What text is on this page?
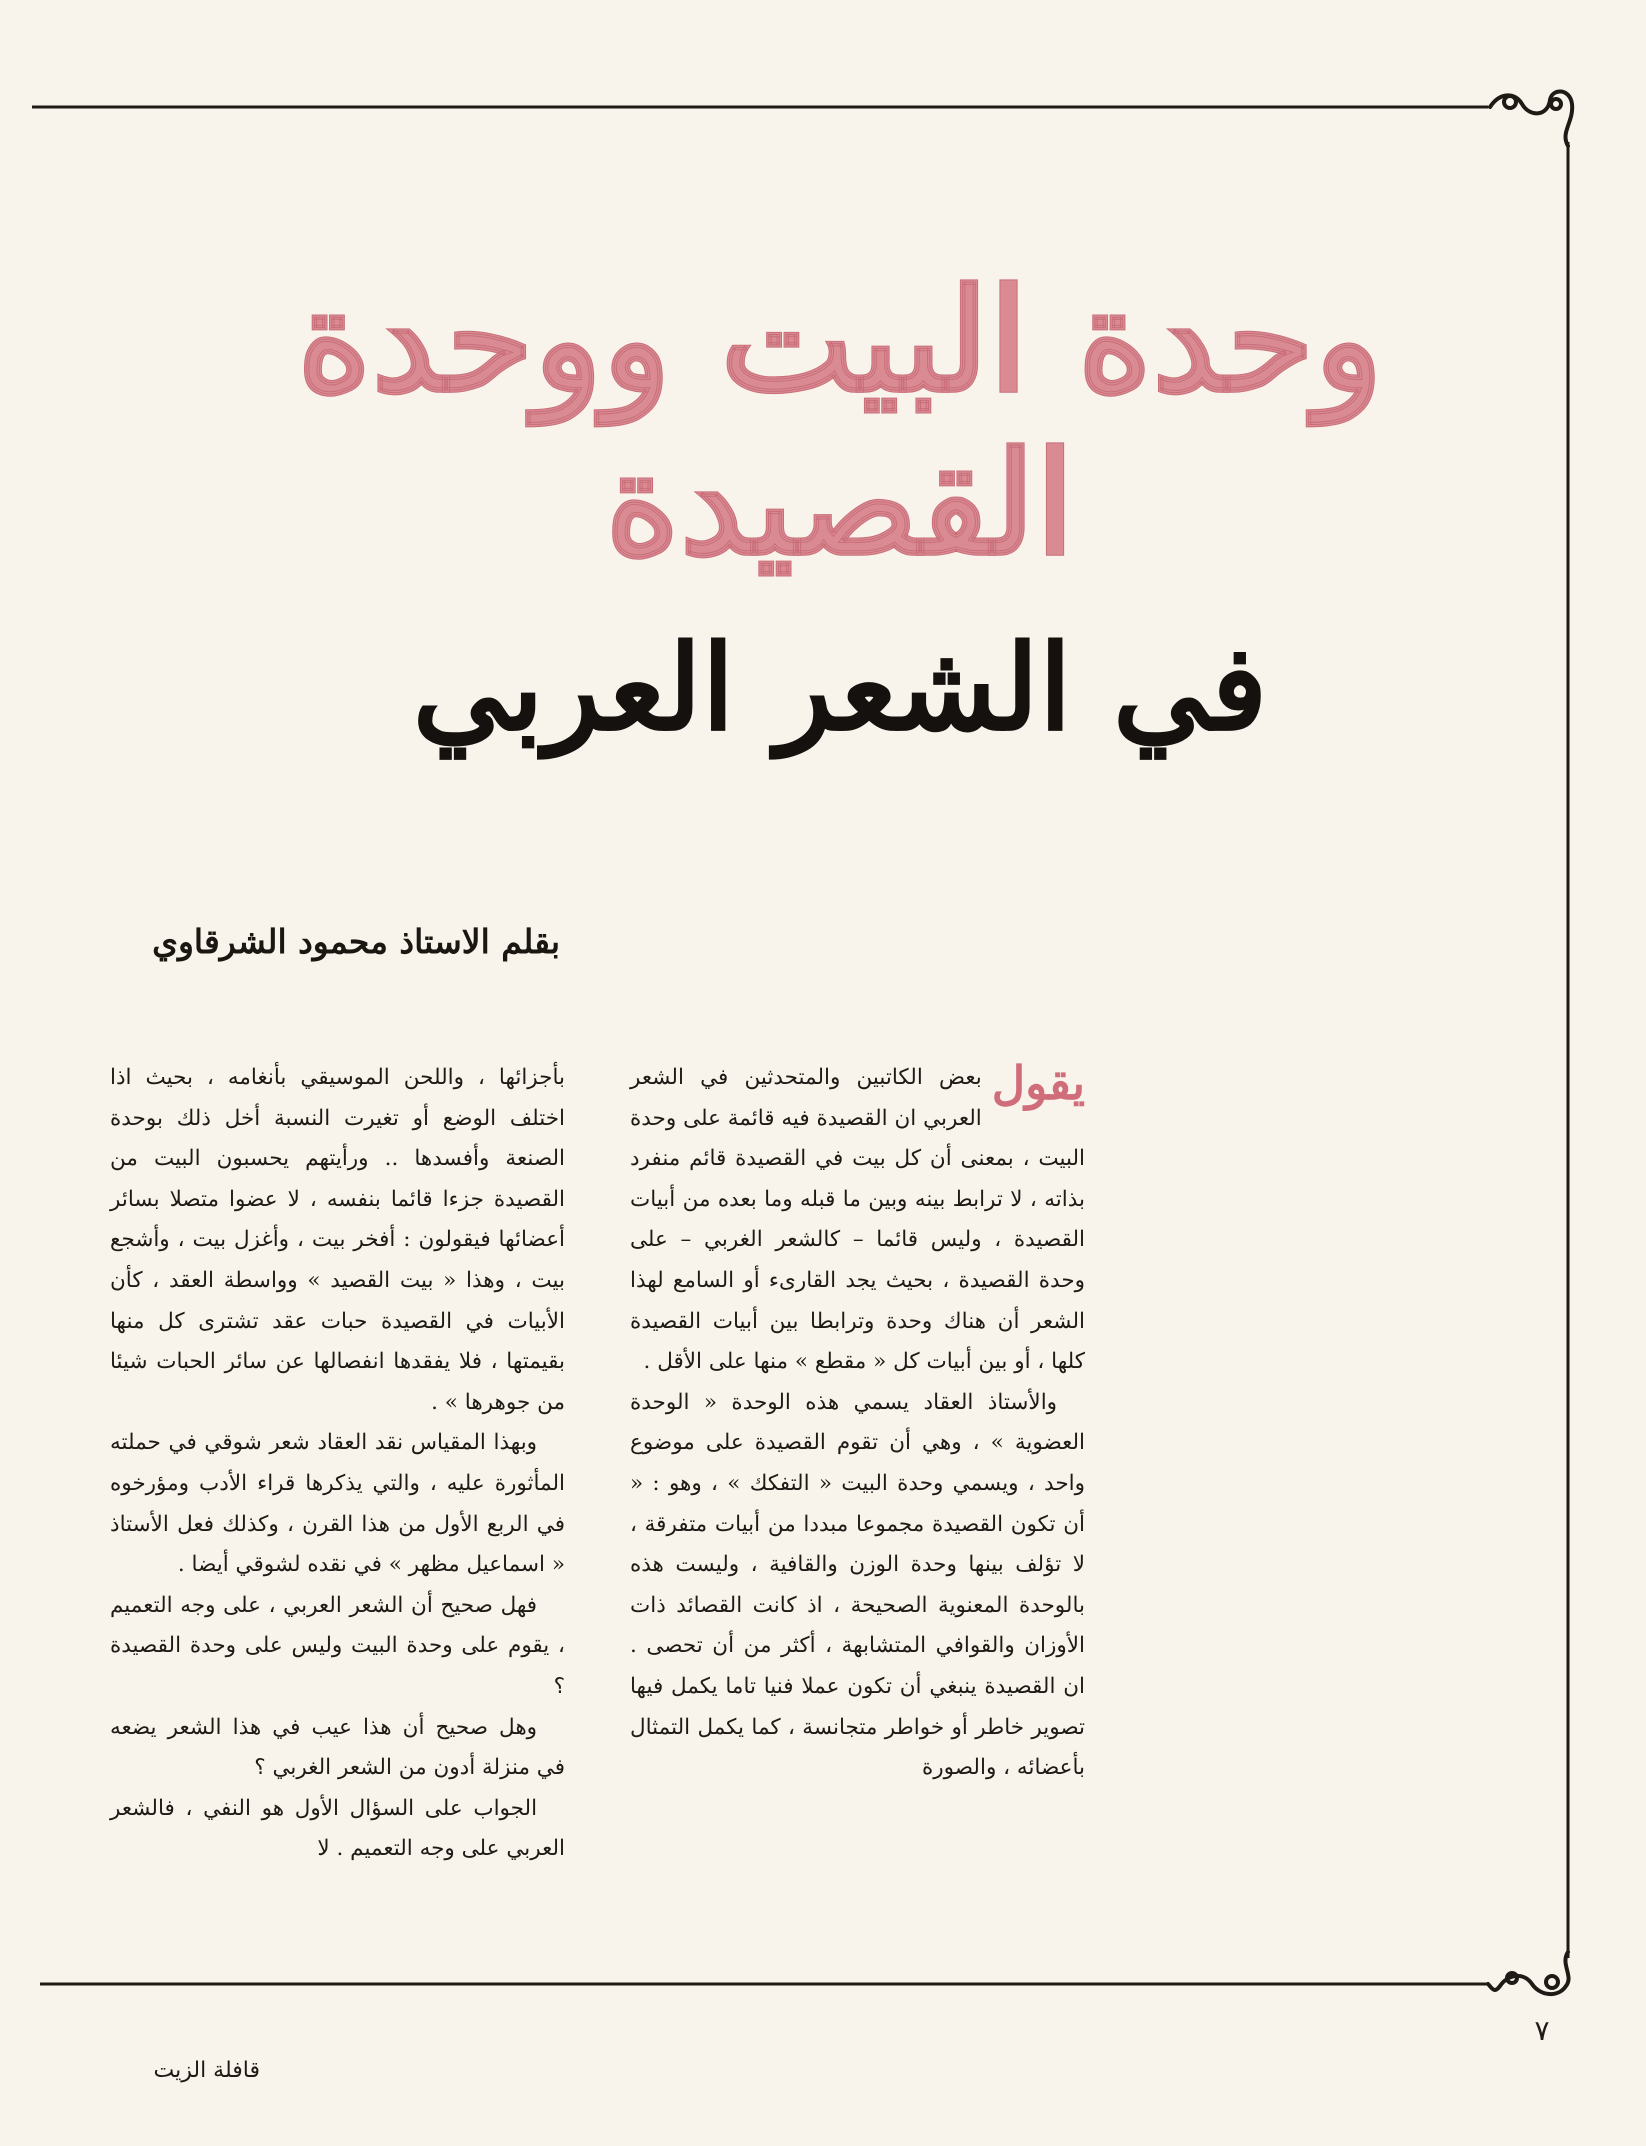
وحدة البيت ووحدة القصيدة
في الشعر العربي
بقلم الاستاذ محمود الشرقاوي

يقول
بعض الكاتبين والمتحدثين في الشعر العربي ان القصيدة فيه قائمة على وحدة البيت ، بمعنى أن كل بيت في القصيدة قائم منفرد بذاته ، لا ترابط بينه وبين ما قبله وما بعده من أبيات القصيدة ، وليس قائما – كالشعر الغربي – على وحدة القصيدة ، بحيث يجد القارىء أو السامع لهذا الشعر أن هناك وحدة وترابطا بين أبيات القصيدة كلها ، أو بين أبيات كل « مقطع » منها على الأقل .

والأستاذ العقاد يسمي هذه الوحدة « الوحدة العضوية » ، وهي أن تقوم القصيدة على موضوع واحد ، ويسمي وحدة البيت « التفكك » ، وهو : « أن تكون القصيدة مجموعا مبددا من أبيات متفرقة ، لا تؤلف بينها وحدة الوزن والقافية ، وليست هذه بالوحدة المعنوية الصحيحة ، اذ كانت القصائد ذات الأوزان والقوافي المتشابهة ، أكثر من أن تحصى . ان القصيدة ينبغي أن تكون عملا فنيا تاما يكمل فيها تصوير خاطر أو خواطر متجانسة ، كما يكمل التمثال بأعضائه ، والصورة

بأجزائها ، واللحن الموسيقي بأنغامه ، بحيث اذا اختلف الوضع أو تغيرت النسبة أخل ذلك بوحدة الصنعة وأفسدها .. ورأيتهم يحسبون البيت من القصيدة جزءا قائما بنفسه ، لا عضوا متصلا بسائر أعضائها فيقولون : أفخر بيت ، وأغزل بيت ، وأشجع بيت ، وهذا « بيت القصيد » وواسطة العقد ، كأن الأبيات في القصيدة حبات عقد تشترى كل منها بقيمتها ، فلا يفقدها انفصالها عن سائر الحبات شيئا من جوهرها » .

وبهذا المقياس نقد العقاد شعر شوقي في حملته المأثورة عليه ، والتي يذكرها قراء الأدب ومؤرخوه في الربع الأول من هذا القرن ، وكذلك فعل الأستاذ « اسماعيل مظهر » في نقده لشوقي أيضا .

فهل صحيح أن الشعر العربي ، على وجه التعميم ، يقوم على وحدة البيت وليس على وحدة القصيدة ؟

وهل صحيح أن هذا عيب في هذا الشعر يضعه في منزلة أدون من الشعر الغربي ؟

الجواب على السؤال الأول هو النفي ، فالشعر العربي على وجه التعميم . لا

٧
قافلة الزيت
